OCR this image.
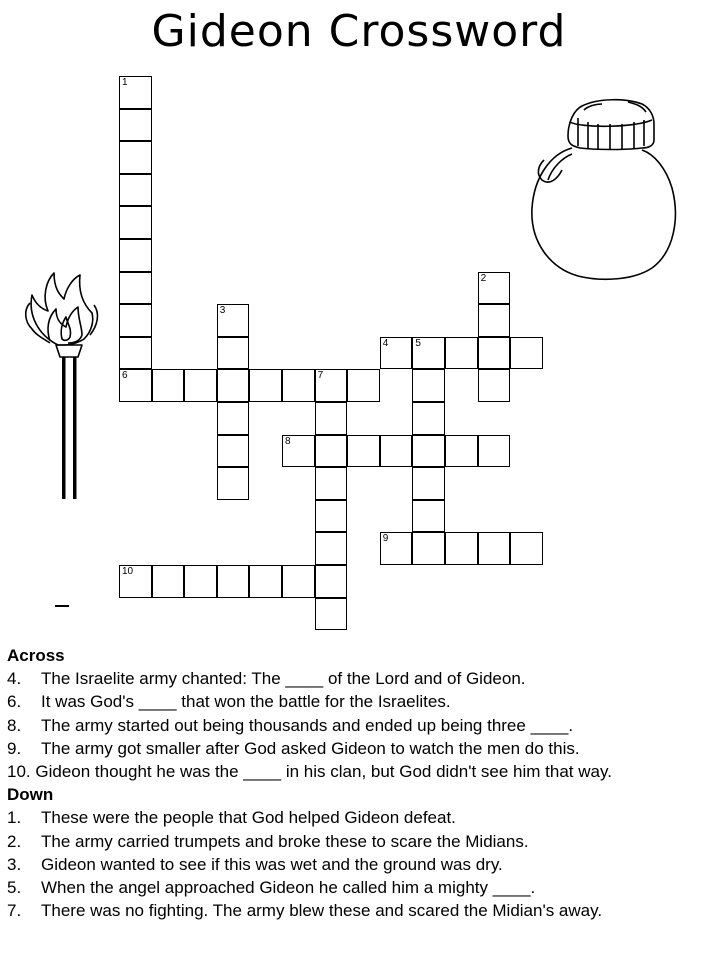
Gideon Crossword
1
6
2
3
4	5
7
8
9
10
Across
4. The Israelite army chanted: The ____ of the Lord and of Gideon.
6. It was God's ____ that won the battle for the Israelites.
8. The army started out being thousands and ended up being three ____.
9. The army got smaller after God asked Gideon to watch the men do this.
10. Gideon thought he was the ____ in his clan, but God didn't see him that way.
Down
1. These were the people that God helped Gideon defeat.
2. The army carried trumpets and broke these to scare the Midians.
3. Gideon wanted to see if this was wet and the ground was dry.
5. When the angel approached Gideon he called him a mighty ____.
7. There was no fighting. The army blew these and scared the Midian's away.
